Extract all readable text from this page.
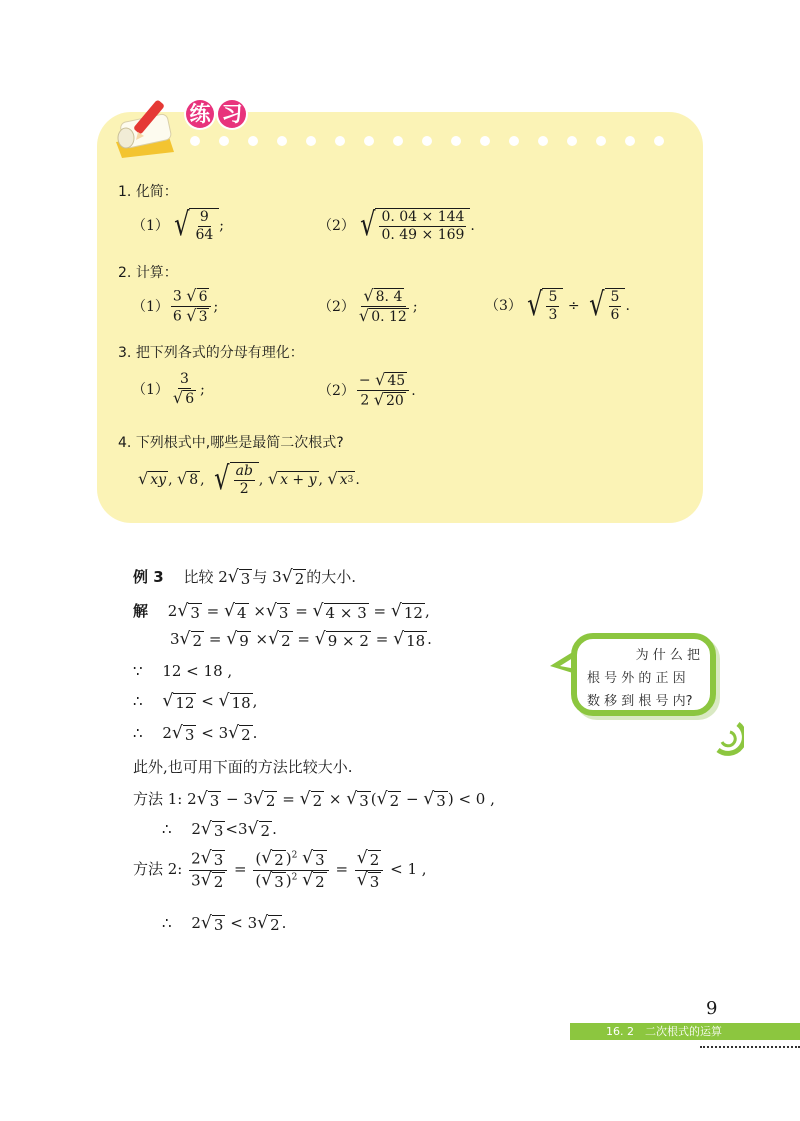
练 习
1. 化简：
（1） √ $\frac{9}{64}$ ;	（2） √ $\frac{0. 04 \times 144}{0. 49 \times 169}$ .
2. 计算：
$(1) \frac{3 √ 6}{6 √ 3}$ ;	$(2) \frac{√ 8. 4}{√ 0. 12}$ ;	（3） √ $\frac{5}{3}$ ÷ √ $\frac{5}{6}$ .
3. 把下列各式的分母有理化：
$(1) \frac{3}{√ 6}$ ;	$(2) \frac{- √ 45}{2 √ 20}$ .
4. 下列根式中,哪些是最简二次根式?
√ xy , √ 8 , √ $\frac{ab}{2}$ , √ x + y , √ x 3 .
例 3　 比较 2 √ 3 与 3 √ 2 的大小.
解　 2 √ 3 = √ 4 × √ 3 = √ 4 × 3 = √ 12 ,
3 √ 2 = √ 9 × √ 2 = √ 9 × 2 = √ 18 .
∵　 12 < 18 ,
∴　 √ 12 < √ 18 ,
∴　 2 √ 3 < 3 √ 2 .
此外,也可用下面的方法比较大小.
方法 1: 2 √ 3 − 3 √ 2 = √ 2 × √ 3 ( √ 2 − √ 3 ) < 0 ,
∴　 2 √ 3 <3 √ 2 .
方法 2: $\frac{2 √ 3}{3 √ 2} = \frac{( √ 2 )^2 √ 3}{( √ 3 )^2 √ 2} = \frac{√ 2}{√ 3} < 1$ ,
∴　 2 √ 3 < 3 √ 2 .
为 什 么 把
根 号 外 的 正 因
数 移 到 根 号 内?
9
16. 2　二次根式的运算
